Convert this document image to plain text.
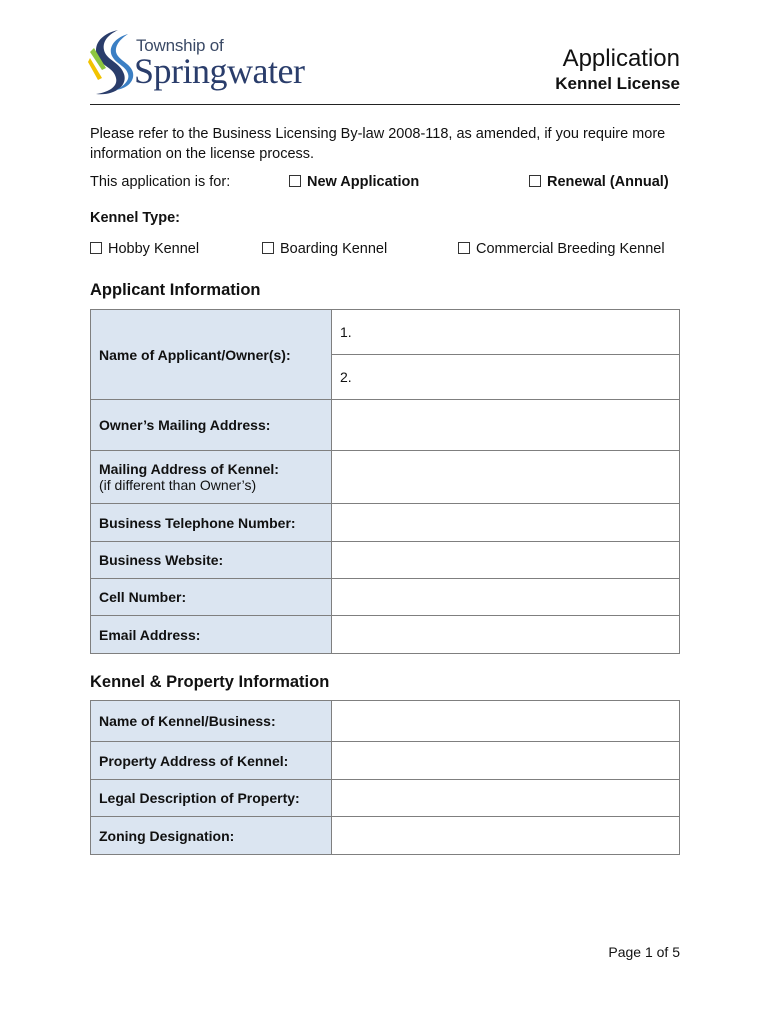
Township of
Springwater	Application
Kennel License
Please refer to the Business Licensing By-law 2008-118, as amended, if you require more information on the license process.
This application is for:	New Application	Renewal (Annual)
Kennel Type:
Hobby Kennel	Boarding Kennel	Commercial Breeding Kennel
Applicant Information
Name of Applicant/Owner(s):	1.
	2.
Owner’s Mailing Address:	
Mailing Address of Kennel:
(if different than Owner’s)	

Business Telephone Number:	
Business Website:	
Cell Number:	
Email Address:	
Kennel & Property Information
Name of Kennel/Business:	
Property Address of Kennel:	
Legal Description of Property:	
Zoning Designation:	
Page 1 of 5
